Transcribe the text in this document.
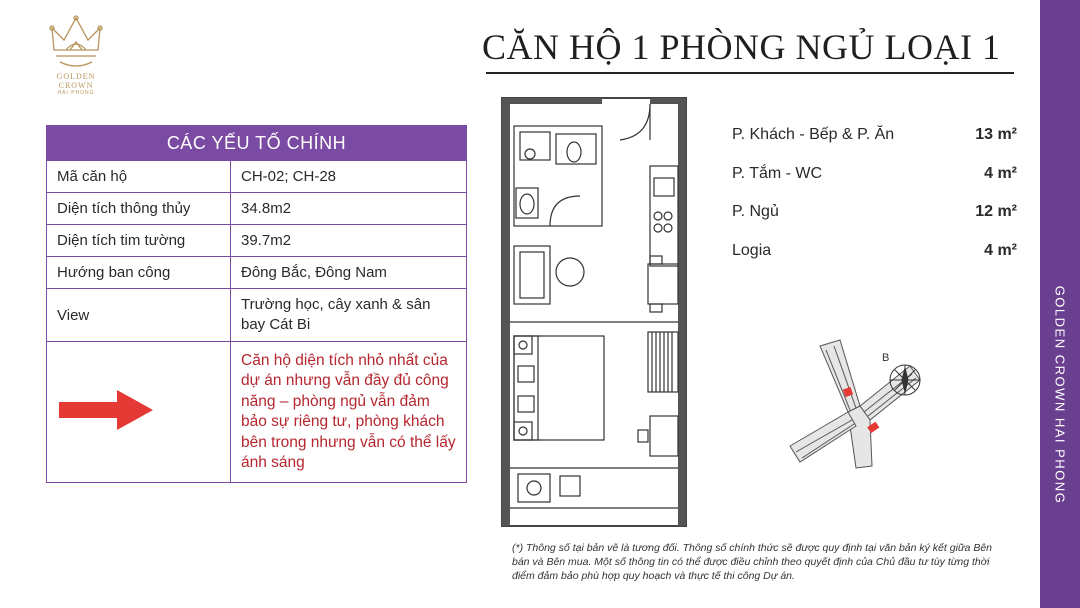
GOLDEN
CROWN
HAI PHONG
CĂN HỘ 1 PHÒNG NGỦ LOẠI 1
GOLDEN CROWN HAI PHONG
CÁC YẾU TỐ CHÍNH	
Mã căn hộ	CH-02; CH-28
Diện tích thông thủy	34.8m2
Diện tích tim tường	39.7m2
Hướng ban công	Đông Bắc, Đông Nam
View	Trường học, cây xanh & sân bay Cát Bi
	Căn hộ diện tích nhỏ nhất của dự án nhưng vẫn đầy đủ công năng – phòng ngủ vẫn đảm bảo sự riêng tư, phòng khách bên trong nhưng vẫn có thể lấy ánh sáng
P. Khách - Bếp & P. Ăn	13 m²
P. Tắm - WC	4 m²
P. Ngủ	12 m²
Logia	4 m²
B
(*) Thông số tại bản vẽ là tương đối. Thông số chính thức sẽ được quy định tại văn bản ký kết giữa Bên bán và Bên mua. Một số thông tin có thể được điều chỉnh theo quyết định của Chủ đầu tư tùy từng thời điểm đảm bảo phù hợp quy hoạch và thực tế thi công Dự án.
